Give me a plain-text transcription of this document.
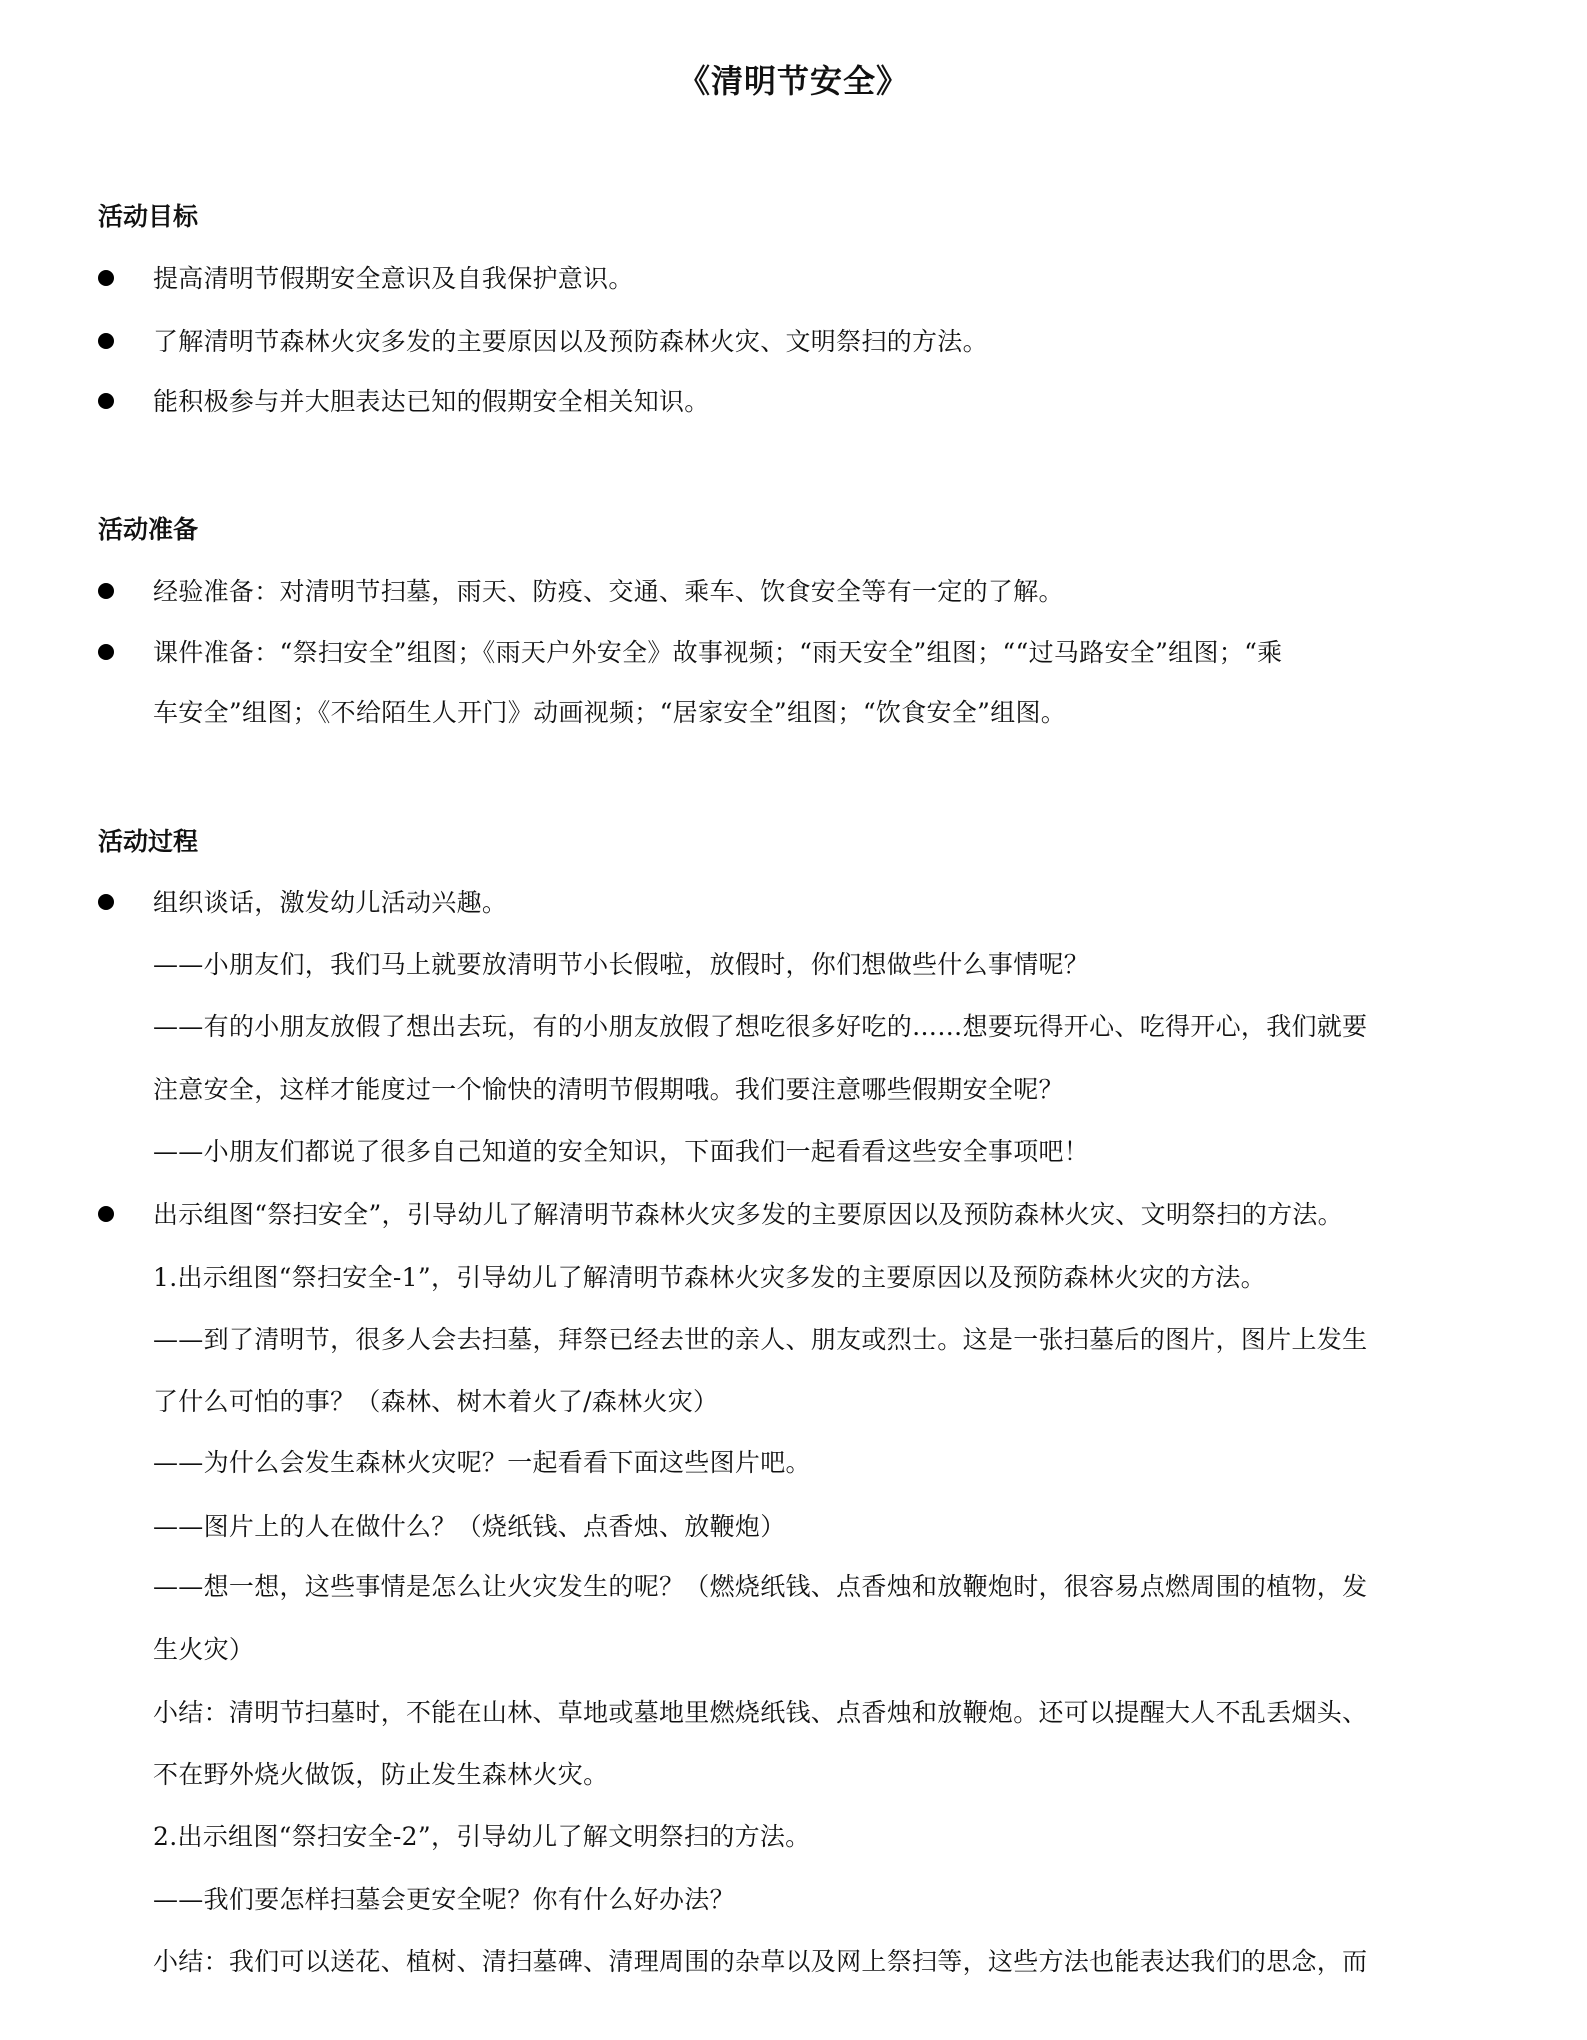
《清明节安全》
活动目标
提高清明节假期安全意识及自我保护意识。
了解清明节森林火灾多发的主要原因以及预防森林火灾、文明祭扫的方法。
能积极参与并大胆表达已知的假期安全相关知识。
活动准备
经验准备：对清明节扫墓，雨天、防疫、交通、乘车、饮食安全等有一定的了解。
课件准备：“祭扫安全”组图；《雨天户外安全》故事视频；“雨天安全”组图；““过马路安全”组图；“乘
车安全”组图；《不给陌生人开门》动画视频；“居家安全”组图；“饮食安全”组图。
活动过程
组织谈话，激发幼儿活动兴趣。
——小朋友们，我们马上就要放清明节小长假啦，放假时，你们想做些什么事情呢？
——有的小朋友放假了想出去玩，有的小朋友放假了想吃很多好吃的……想要玩得开心、吃得开心，我们就要
注意安全，这样才能度过一个愉快的清明节假期哦。我们要注意哪些假期安全呢？
——小朋友们都说了很多自己知道的安全知识，下面我们一起看看这些安全事项吧！
出示组图“祭扫安全”，引导幼儿了解清明节森林火灾多发的主要原因以及预防森林火灾、文明祭扫的方法。
1.出示组图“祭扫安全-1”，引导幼儿了解清明节森林火灾多发的主要原因以及预防森林火灾的方法。
——到了清明节，很多人会去扫墓，拜祭已经去世的亲人、朋友或烈士。这是一张扫墓后的图片，图片上发生
了什么可怕的事？（森林、树木着火了/森林火灾）
——为什么会发生森林火灾呢？一起看看下面这些图片吧。
——图片上的人在做什么？（烧纸钱、点香烛、放鞭炮）
——想一想，这些事情是怎么让火灾发生的呢？（燃烧纸钱、点香烛和放鞭炮时，很容易点燃周围的植物，发
生火灾）
小结：清明节扫墓时，不能在山林、草地或墓地里燃烧纸钱、点香烛和放鞭炮。还可以提醒大人不乱丢烟头、
不在野外烧火做饭，防止发生森林火灾。
2.出示组图“祭扫安全-2”，引导幼儿了解文明祭扫的方法。
——我们要怎样扫墓会更安全呢？你有什么好办法？
小结：我们可以送花、植树、清扫墓碑、清理周围的杂草以及网上祭扫等，这些方法也能表达我们的思念，而
